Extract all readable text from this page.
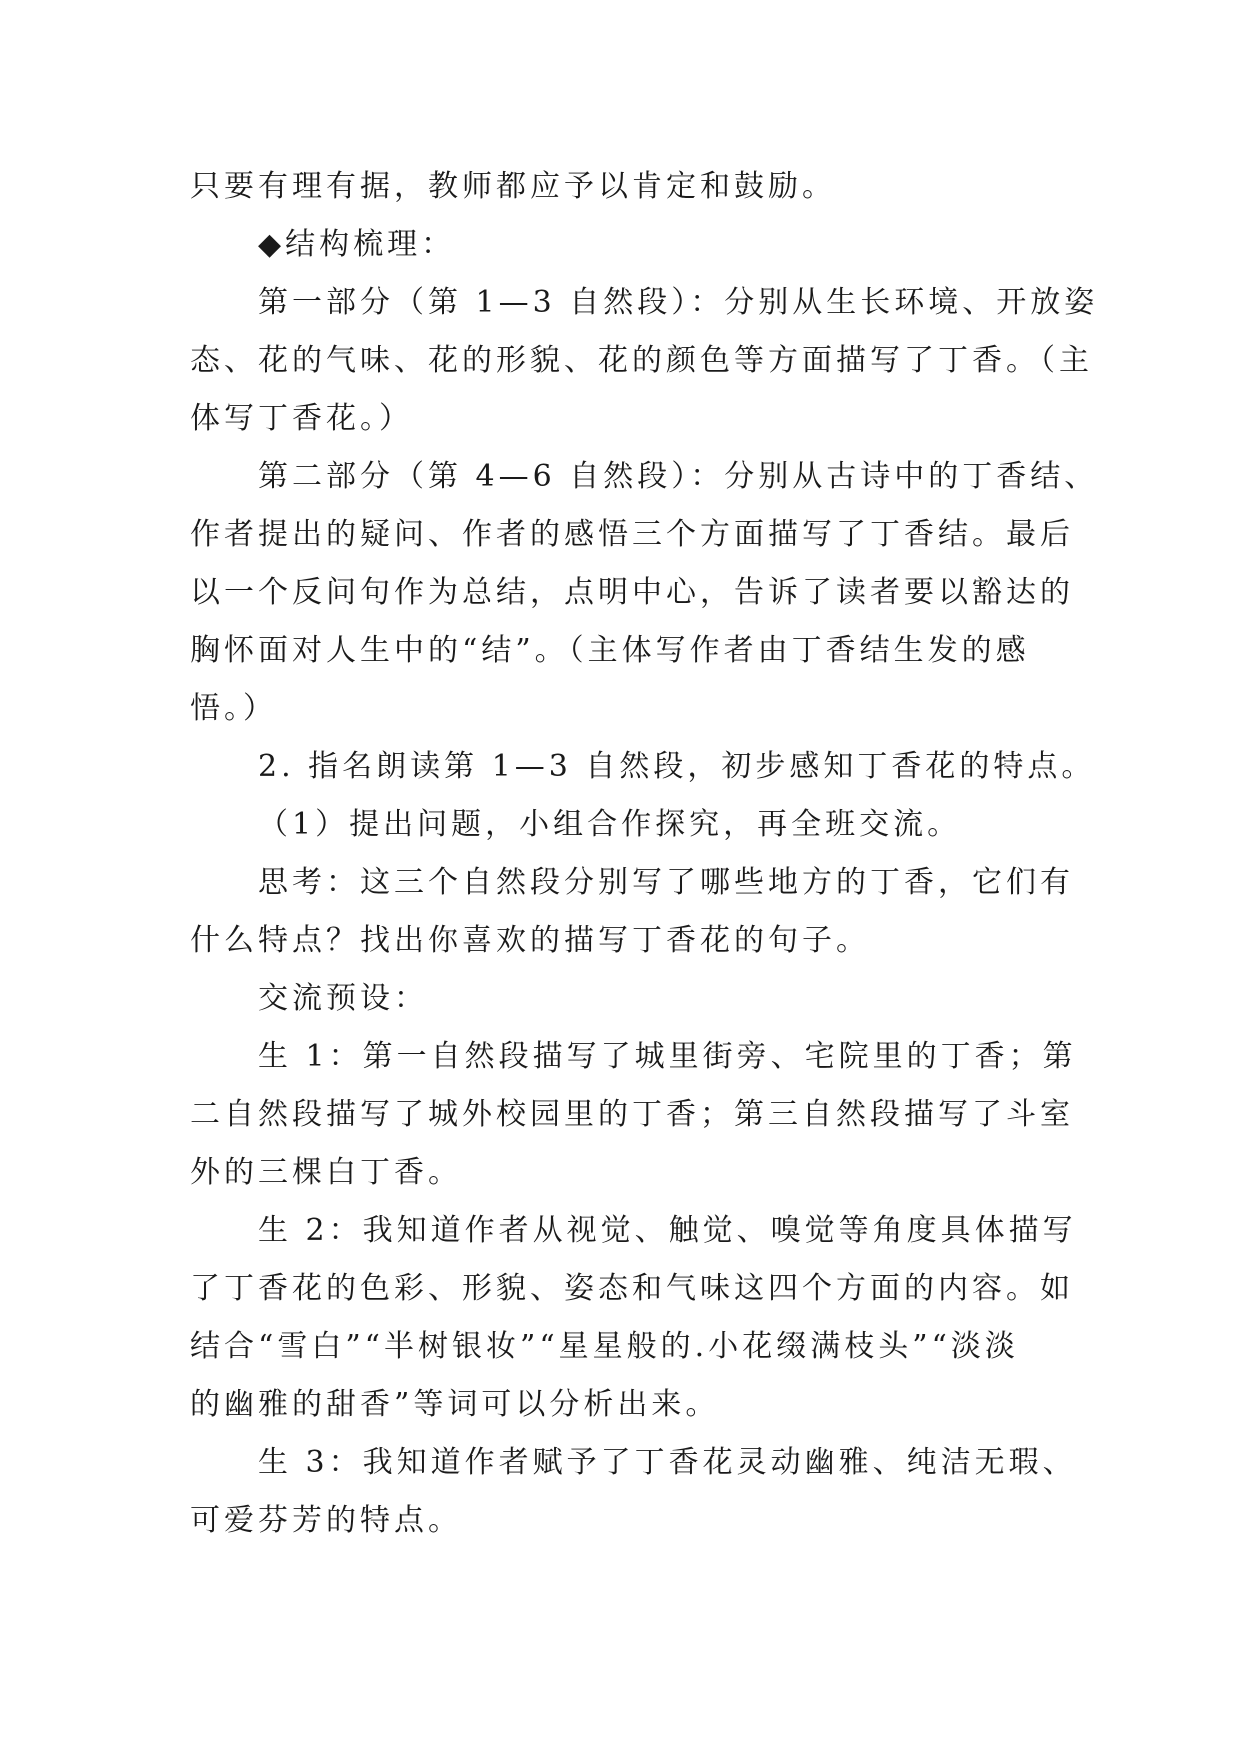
只要有理有据，教师都应予以肯定和鼓励。

◆结构梳理：

第一部分（第 1—3 自然段）：分别从生长环境、开放姿

态、花的气味、花的形貌、花的颜色等方面描写了丁香。（主

体写丁香花。）

第二部分（第 4—6 自然段）：分别从古诗中的丁香结、

作者提出的疑问、作者的感悟三个方面描写了丁香结。最后

以一个反问句作为总结，点明中心，告诉了读者要以豁达的

胸怀面对人生中的“结”。（主体写作者由丁香结生发的感

悟。）

2. 指名朗读第 1—3 自然段，初步感知丁香花的特点。

（1）提出问题，小组合作探究，再全班交流。

思考：这三个自然段分别写了哪些地方的丁香，它们有

什么特点？找出你喜欢的描写丁香花的句子。

交流预设：

生 1：第一自然段描写了城里街旁、宅院里的丁香；第

二自然段描写了城外校园里的丁香；第三自然段描写了斗室

外的三棵白丁香。

生 2：我知道作者从视觉、触觉、嗅觉等角度具体描写

了丁香花的色彩、形貌、姿态和气味这四个方面的内容。如

结合“雪白”“半树银妆”“星星般的.小花缀满枝头”“淡淡

的幽雅的甜香”等词可以分析出来。

生 3：我知道作者赋予了丁香花灵动幽雅、纯洁无瑕、

可爱芬芳的特点。
